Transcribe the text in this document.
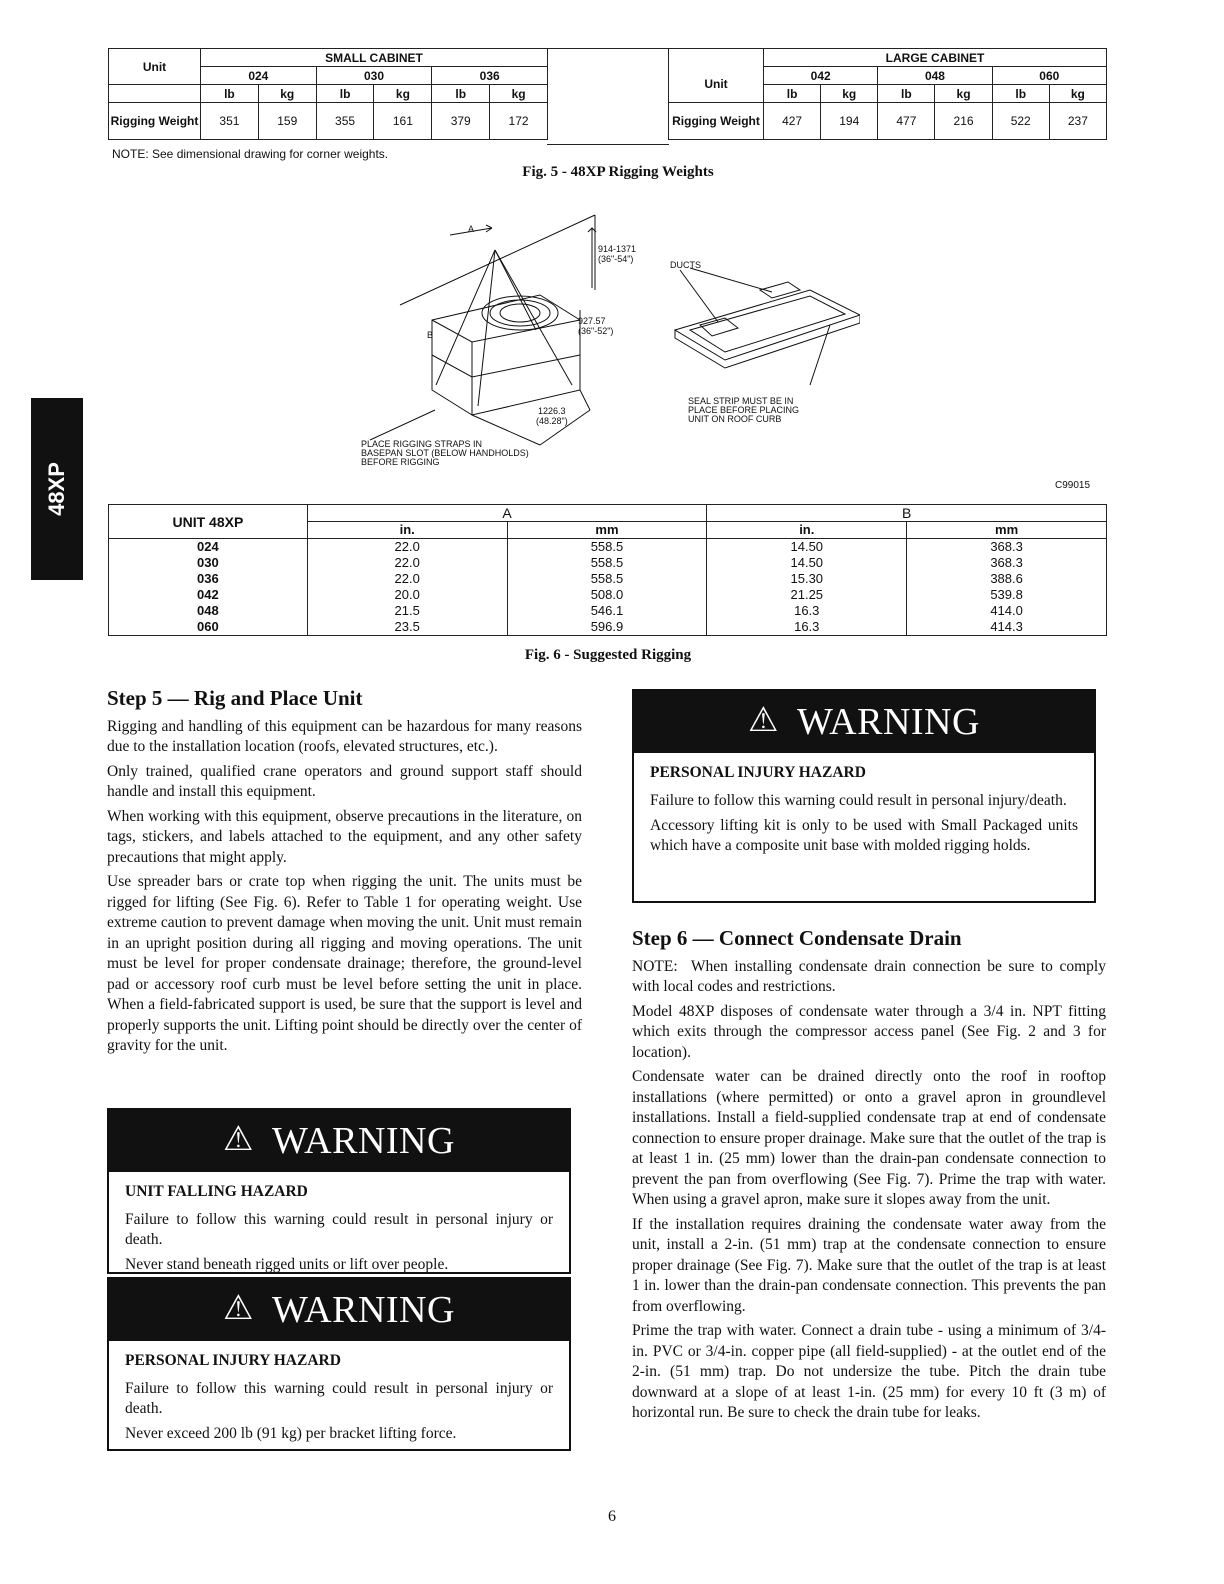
48XP
Unit	SMALL CABINET					
	024		030		036	
	lb	kg	lb	kg	lb	kg
Rigging Weight	351	159	355	161	379	172
	LARGE CABINET					
Unit	042		048		060	
	lb	kg	lb	kg	lb	kg
Rigging Weight	427	194	477	216	522	237
NOTE: See dimensional drawing for corner weights.
Fig. 5 - 48XP Rigging Weights
A
B
914-1371
(36"-54")
927.57
(36"-52")
1226.3
(48.28")
PLACE RIGGING STRAPS IN
BASEPAN SLOT (BELOW HANDHOLDS)
BEFORE RIGGING
DUCTS
SEAL STRIP MUST BE IN
PLACE BEFORE PLACING
UNIT ON ROOF CURB
C99015
UNIT 48XP	A		B	
	in.	mm	in.	mm
024	22.0	558.5	14.50	368.3
030	22.0	558.5	14.50	368.3
036	22.0	558.5	15.30	388.6
042	20.0	508.0	21.25	539.8
048	21.5	546.1	16.3	414.0
060	23.5	596.9	16.3	414.3
Fig. 6 - Suggested Rigging
Step 5 — Rig and Place Unit

Rigging and handling of this equipment can be hazardous for many reasons due to the installation location (roofs, elevated structures, etc.).

Only trained, qualified crane operators and ground support staff should handle and install this equipment.

When working with this equipment, observe precautions in the literature, on tags, stickers, and labels attached to the equipment, and any other safety precautions that might apply.

Use spreader bars or crate top when rigging the unit. The units must be rigged for lifting (See Fig. 6). Refer to Table 1 for operating weight. Use extreme caution to prevent damage when moving the unit. Unit must remain in an upright position during all rigging and moving operations. The unit must be level for proper condensate drainage; therefore, the ground-level pad or accessory roof curb must be level before setting the unit in place. When a field-fabricated support is used, be sure that the support is level and properly supports the unit. Lifting point should be directly over the center of gravity for the unit.

⚠ WARNING
UNIT FALLING HAZARD

Failure to follow this warning could result in personal injury or death.

Never stand beneath rigged units or lift over people.

⚠ WARNING
PERSONAL INJURY HAZARD

Failure to follow this warning could result in personal injury or death.

Never exceed 200 lb (91 kg) per bracket lifting force.

⚠ WARNING
PERSONAL INJURY HAZARD

Failure to follow this warning could result in personal injury/death.

Accessory lifting kit is only to be used with Small Packaged units which have a composite unit base with molded rigging holds.

Step 6 — Connect Condensate Drain

NOTE: When installing condensate drain connection be sure to comply with local codes and restrictions.

Model 48XP disposes of condensate water through a 3/4 in. NPT fitting which exits through the compressor access panel (See Fig. 2 and 3 for location).

Condensate water can be drained directly onto the roof in rooftop installations (where permitted) or onto a gravel apron in groundlevel installations. Install a field-supplied condensate trap at end of condensate connection to ensure proper drainage. Make sure that the outlet of the trap is at least 1 in. (25 mm) lower than the drain-pan condensate connection to prevent the pan from overflowing (See Fig. 7). Prime the trap with water. When using a gravel apron, make sure it slopes away from the unit.

If the installation requires draining the condensate water away from the unit, install a 2-in. (51 mm) trap at the condensate connection to ensure proper drainage (See Fig. 7). Make sure that the outlet of the trap is at least 1 in. lower than the drain-pan condensate connection. This prevents the pan from overflowing.

Prime the trap with water. Connect a drain tube - using a minimum of 3/4-in. PVC or 3/4-in. copper pipe (all field-supplied) - at the outlet end of the 2-in. (51 mm) trap. Do not undersize the tube. Pitch the drain tube downward at a slope of at least 1-in. (25 mm) for every 10 ft (3 m) of horizontal run. Be sure to check the drain tube for leaks.

6
